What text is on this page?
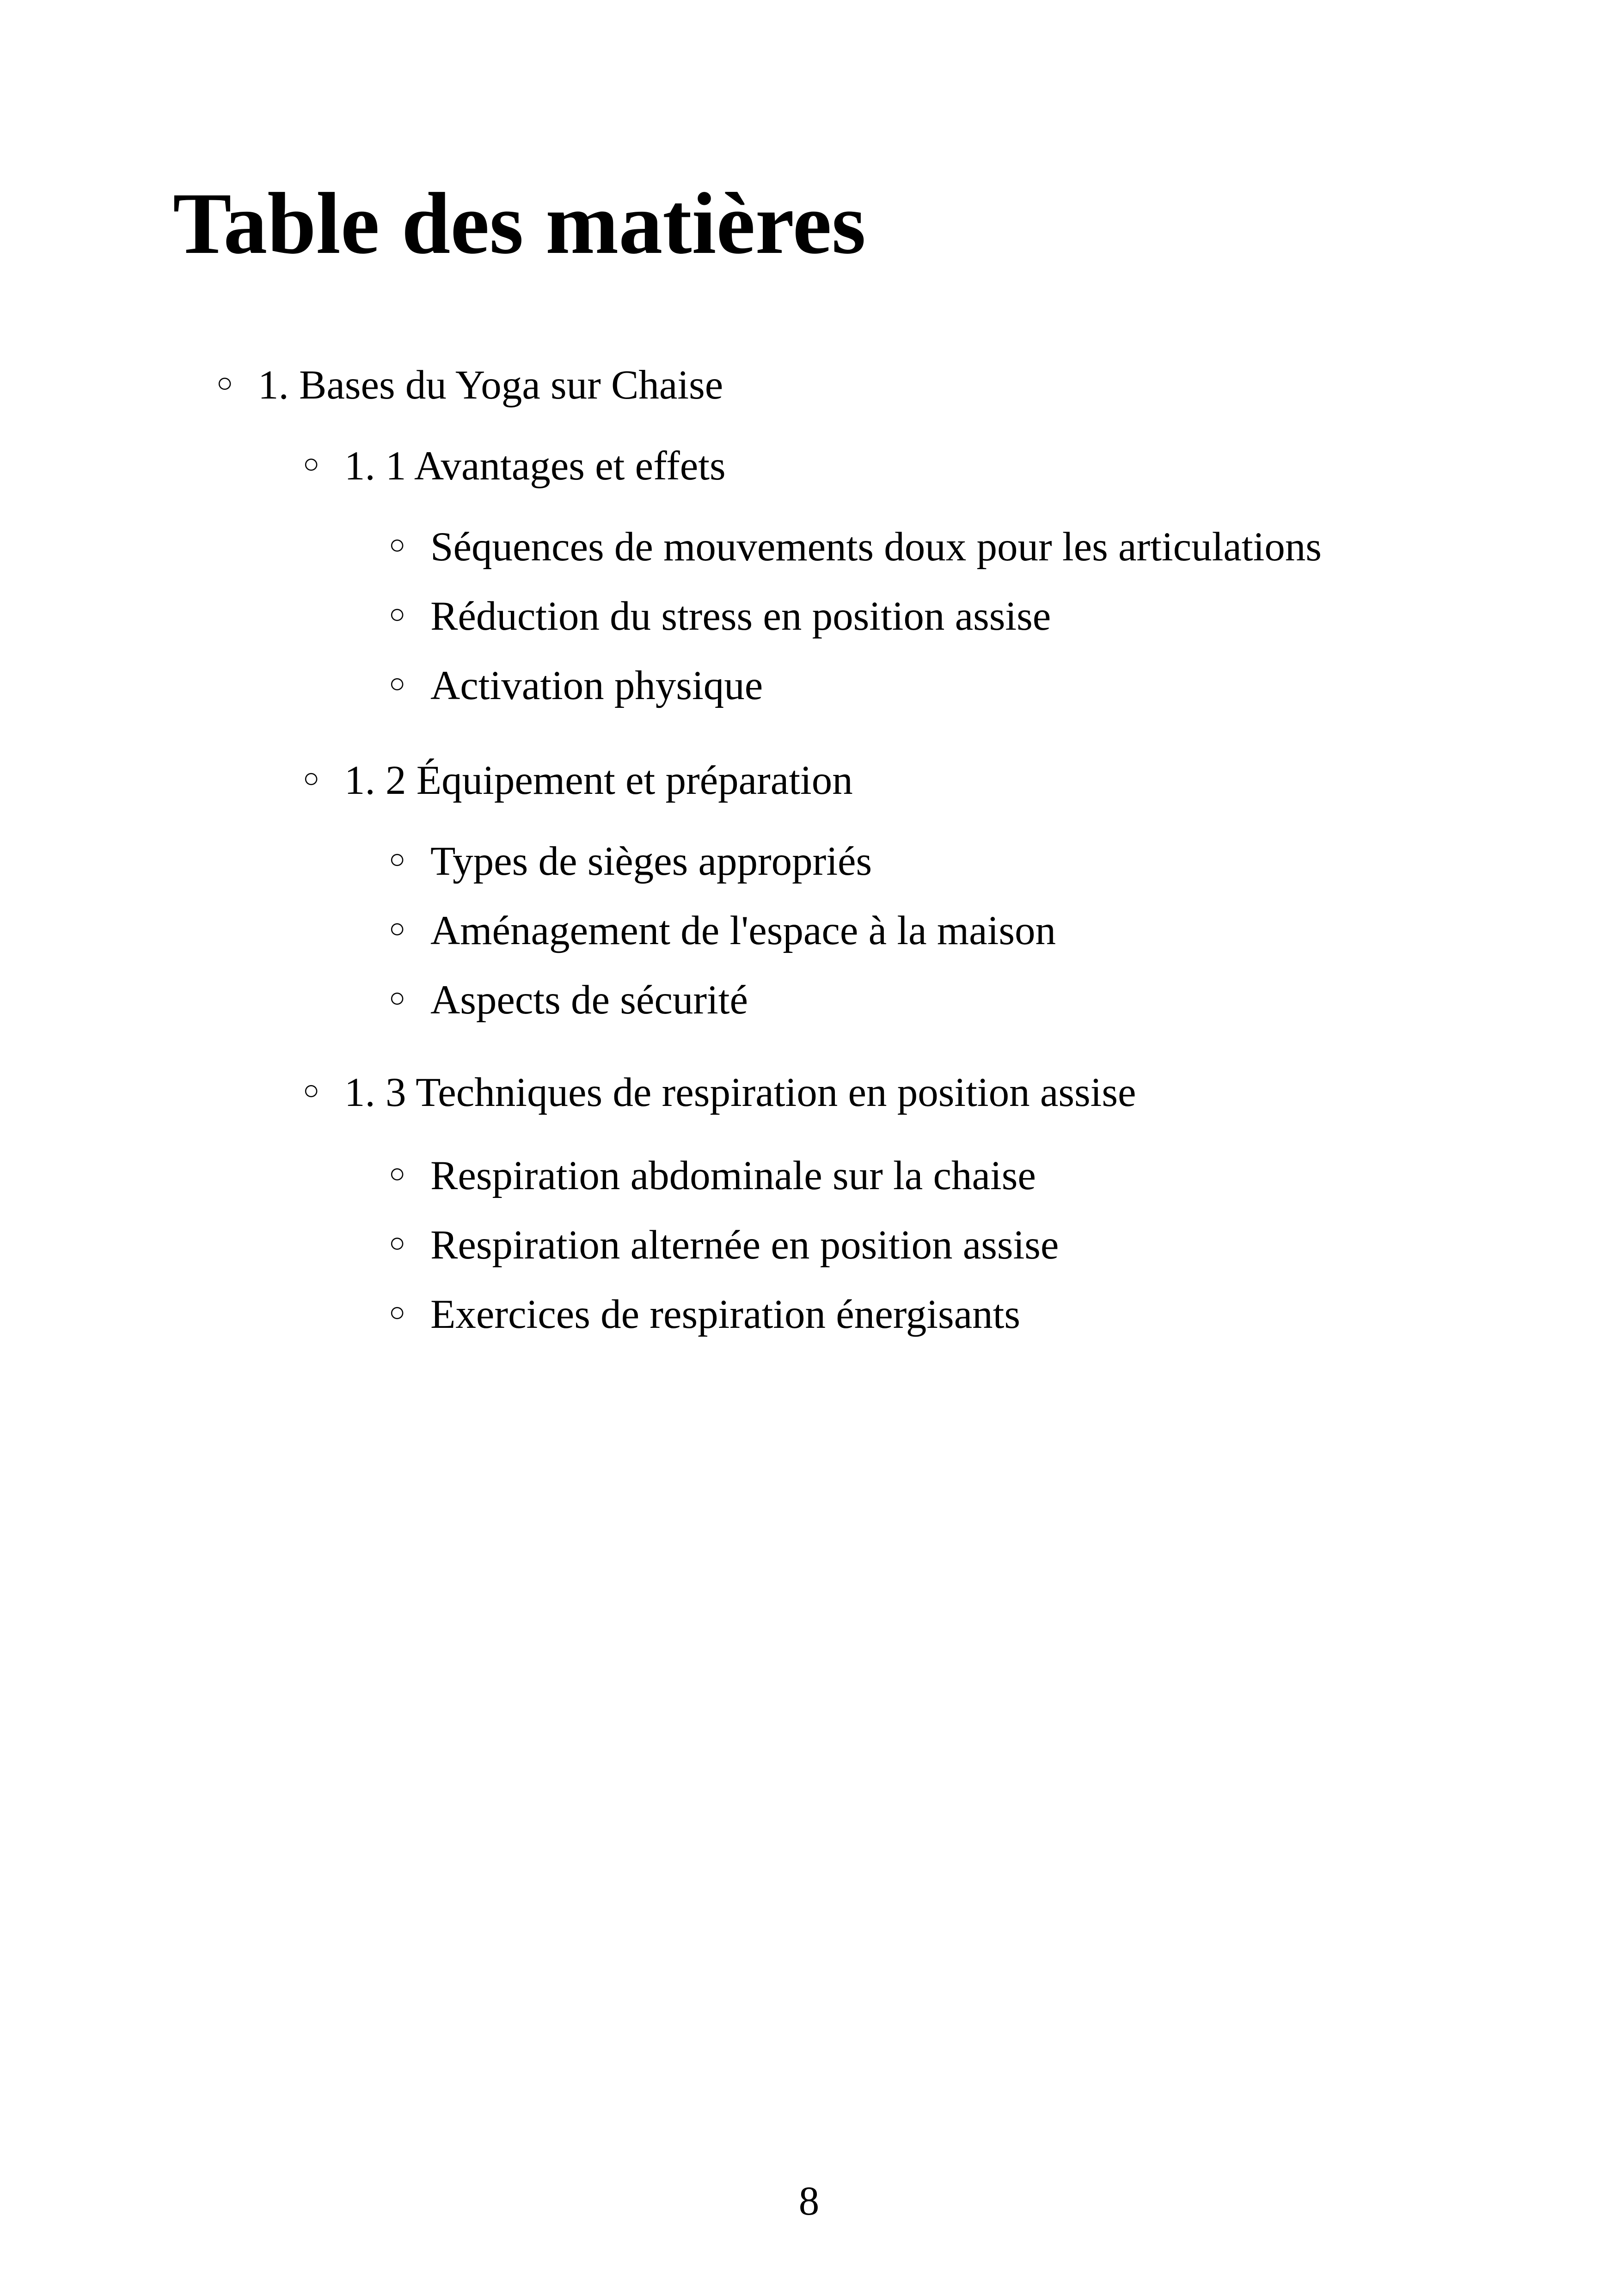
Table des matières
○ 1. Bases du Yoga sur Chaise
○ 1. 1 Avantages et effets
○ Séquences de mouvements doux pour les articulations
○ Réduction du stress en position assise
○ Activation physique
○ 1. 2 Équipement et préparation
○ Types de sièges appropriés
○ Aménagement de l'espace à la maison
○ Aspects de sécurité
○ 1. 3 Techniques de respiration en position assise
○ Respiration abdominale sur la chaise
○ Respiration alternée en position assise
○ Exercices de respiration énergisants
8
